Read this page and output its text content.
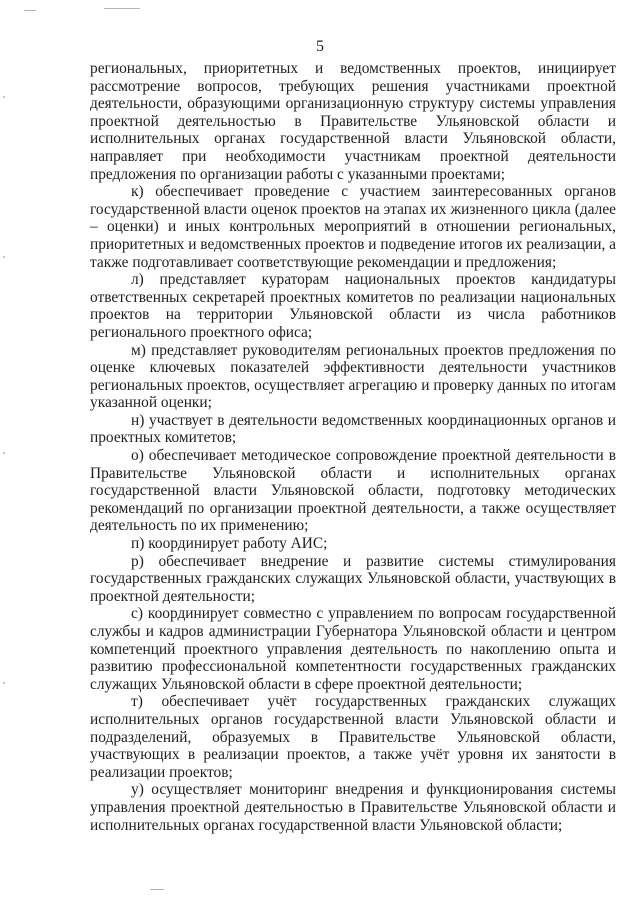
5

региональных, приоритетных и ведомственных проектов, инициирует рассмотрение вопросов, требующих решения участниками проектной деятельности, образующими организационную структуру системы управления проектной деятельностью в Правительстве Ульяновской области и исполнительных органах государственной власти Ульяновской области, направляет при необходимости участникам проектной деятельности предложения по организации работы с указанными проектами;

к) обеспечивает проведение с участием заинтересованных органов государственной власти оценок проектов на этапах их жизненного цикла (далее – оценки) и иных контрольных мероприятий в отношении региональных, приоритетных и ведомственных проектов и подведение итогов их реализации, а также подготавливает соответствующие рекомендации и предложения;

л) представляет кураторам национальных проектов кандидатуры ответственных секретарей проектных комитетов по реализации национальных проектов на территории Ульяновской области из числа работников регионального проектного офиса;

м) представляет руководителям региональных проектов предложения по оценке ключевых показателей эффективности деятельности участников региональных проектов, осуществляет агрегацию и проверку данных по итогам указанной оценки;

н) участвует в деятельности ведомственных координационных органов и проектных комитетов;

о) обеспечивает методическое сопровождение проектной деятельности в Правительстве Ульяновской области и исполнительных органах государственной власти Ульяновской области, подготовку методических рекомендаций по организации проектной деятельности, а также осуществляет деятельность по их применению;

п) координирует работу АИС;

р) обеспечивает внедрение и развитие системы стимулирования государственных гражданских служащих Ульяновской области, участвующих в проектной деятельности;

с) координирует совместно с управлением по вопросам государственной службы и кадров администрации Губернатора Ульяновской области и центром компетенций проектного управления деятельность по накоплению опыта и развитию профессиональной компетентности государственных гражданских служащих Ульяновской области в сфере проектной деятельности;

т) обеспечивает учёт государственных гражданских служащих исполнительных органов государственной власти Ульяновской области и подразделений, образуемых в Правительстве Ульяновской области, участвующих в реализации проектов, а также учёт уровня их занятости в реализации проектов;

у) осуществляет мониторинг внедрения и функционирования системы управления проектной деятельностью в Правительстве Ульяновской области и исполнительных органах государственной власти Ульяновской области;
